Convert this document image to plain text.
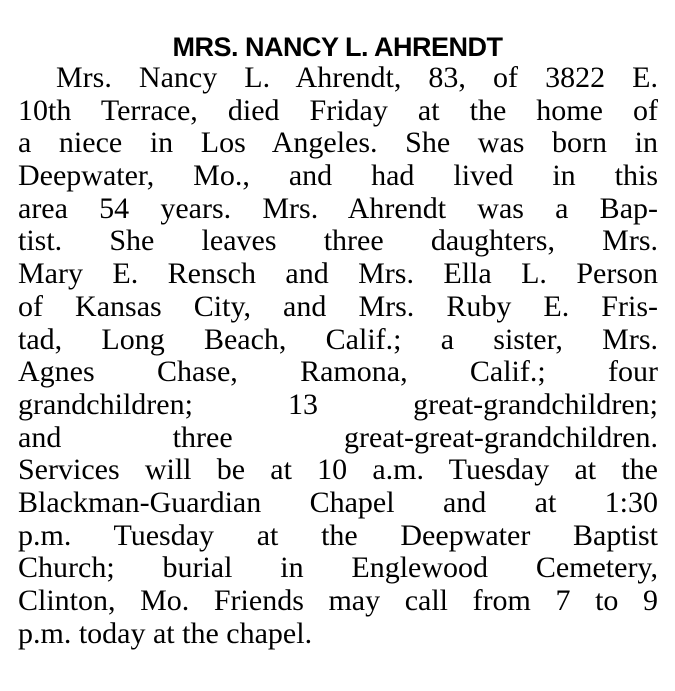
MRS. NANCY L. AHRENDT
Mrs. Nancy L. Ahrendt, 83, of 3822 E.
10th Terrace, died Friday at the home of
a niece in Los Angeles. She was born in
Deepwater, Mo., and had lived in this
area 54 years. Mrs. Ahrendt was a Bap-
tist. She leaves three daughters, Mrs.
Mary E. Rensch and Mrs. Ella L. Person
of Kansas City, and Mrs. Ruby E. Fris-
tad, Long Beach, Calif.; a sister, Mrs.
Agnes Chase, Ramona, Calif.; four
grandchildren; 13 great-grandchildren;
and three great-great-grandchildren.
Services will be at 10 a.m. Tuesday at the
Blackman-Guardian Chapel and at 1:30
p.m. Tuesday at the Deepwater Baptist
Church; burial in Englewood Cemetery,
Clinton, Mo. Friends may call from 7 to 9
p.m. today at the chapel.
